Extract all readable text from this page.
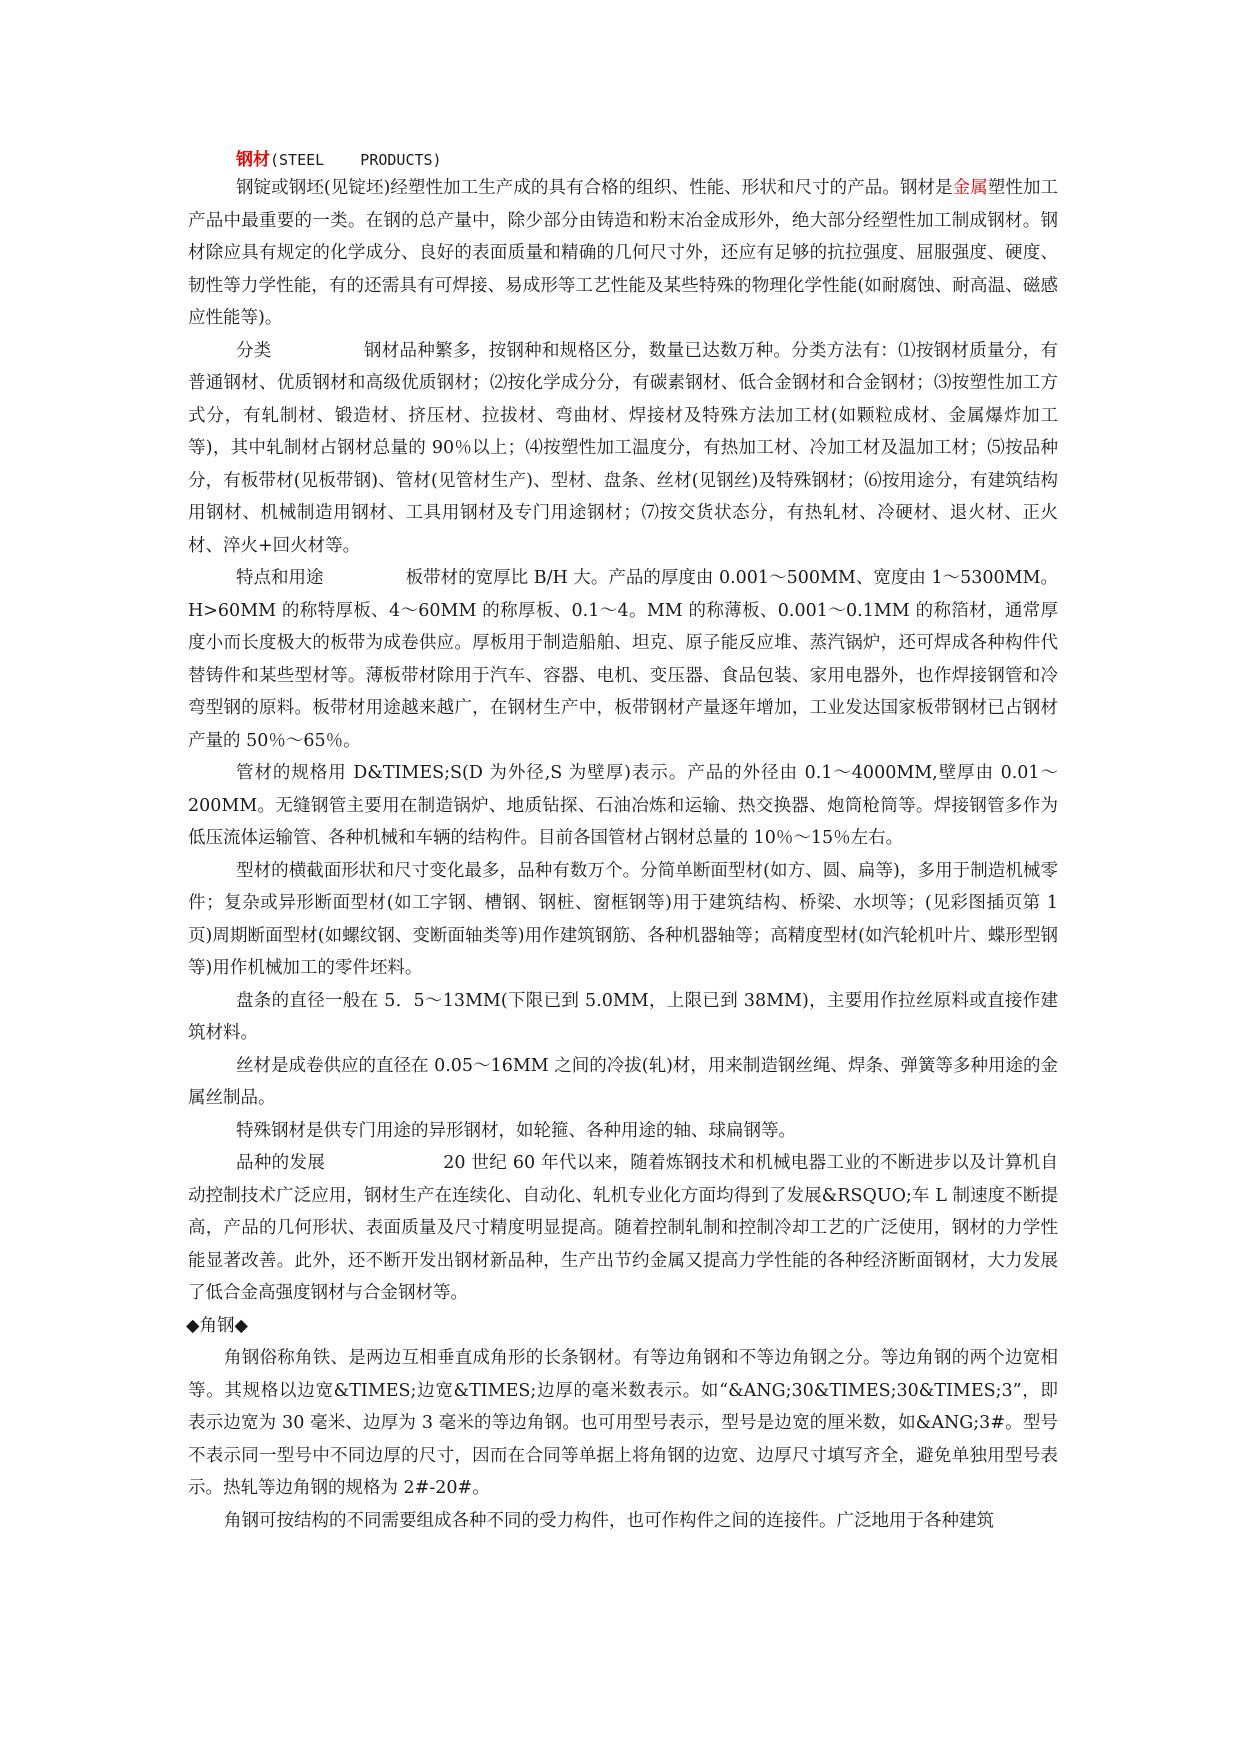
钢材(STEEL    PRODUCTS)

钢锭或钢坯(见锭坯)经塑性加工生产成的具有合格的组织、性能、形状和尺寸的产品。钢材是金属塑性加工产品中最重要的一类。在钢的总产量中，除少部分由铸造和粉末冶金成形外，绝大部分经塑性加工制成钢材。钢材除应具有规定的化学成分、良好的表面质量和精确的几何尺寸外，还应有足够的抗拉强度、屈服强度、硬度、韧性等力学性能，有的还需具有可焊接、易成形等工艺性能及某些特殊的物理化学性能(如耐腐蚀、耐高温、磁感应性能等)。

分类	钢材品种繁多，按钢种和规格区分，数量已达数万种。分类方法有：⑴按钢材质量分，有普通钢材、优质钢材和高级优质钢材；⑵按化学成分分，有碳素钢材、低合金钢材和合金钢材；⑶按塑性加工方式分，有轧制材、锻造材、挤压材、拉拔材、弯曲材、焊接材及特殊方法加工材(如颗粒成材、金属爆炸加工等)，其中轧制材占钢材总量的 90％以上；⑷按塑性加工温度分，有热加工材、冷加工材及温加工材；⑸按品种分，有板带材(见板带钢)、管材(见管材生产)、型材、盘条、丝材(见钢丝)及特殊钢材；⑹按用途分，有建筑结构用钢材、机械制造用钢材、工具用钢材及专门用途钢材；⑺按交货状态分，有热轧材、冷硬材、退火材、正火材、淬火+回火材等。

特点和用途	板带材的宽厚比 B/H 大。产品的厚度由 0.001～500MM、宽度由 1～5300MM。H>60MM 的称特厚板、4～60MM 的称厚板、0.1～4。MM 的称薄板、0.001～0.1MM 的称箔材，通常厚度小而长度极大的板带为成卷供应。厚板用于制造船舶、坦克、原子能反应堆、蒸汽锅炉，还可焊成各种构件代替铸件和某些型材等。薄板带材除用于汽车、容器、电机、变压器、食品包装、家用电器外，也作焊接钢管和冷弯型钢的原料。板带材用途越来越广，在钢材生产中，板带钢材产量逐年增加，工业发达国家板带钢材已占钢材产量的 50％～65％。

管材的规格用 D&TIMES;S(D 为外径,S 为壁厚)表示。产品的外径由 0.1～4000MM,壁厚由 0.01～200MM。无缝钢管主要用在制造锅炉、地质钻探、石油冶炼和运输、热交换器、炮筒枪筒等。焊接钢管多作为低压流体运输管、各种机械和车辆的结构件。目前各国管材占钢材总量的 10％～15％左右。

型材的横截面形状和尺寸变化最多，品种有数万个。分简单断面型材(如方、圆、扁等)，多用于制造机械零件；复杂或异形断面型材(如工字钢、槽钢、钢桩、窗框钢等)用于建筑结构、桥梁、水坝等；(见彩图插页第 1 页)周期断面型材(如螺纹钢、变断面轴类等)用作建筑钢筋、各种机器轴等；高精度型材(如汽轮机叶片、蝶形型钢等)用作机械加工的零件坯料。

盘条的直径一般在 5．5～13MM(下限已到 5.0MM，上限已到 38MM)，主要用作拉丝原料或直接作建筑材料。

丝材是成卷供应的直径在 0.05～16MM 之间的冷拔(轧)材，用来制造钢丝绳、焊条、弹簧等多种用途的金属丝制品。

特殊钢材是供专门用途的异形钢材，如轮箍、各种用途的轴、球扁钢等。

品种的发展	20 世纪 60 年代以来，随着炼钢技术和机械电器工业的不断进步以及计算机自动控制技术广泛应用，钢材生产在连续化、自动化、轧机专业化方面均得到了发展&RSQUO;车 L 制速度不断提高，产品的几何形状、表面质量及尺寸精度明显提高。随着控制轧制和控制冷却工艺的广泛使用，钢材的力学性能显著改善。此外，还不断开发出钢材新品种，生产出节约金属又提高力学性能的各种经济断面钢材，大力发展了低合金高强度钢材与合金钢材等。

◆角钢◆

角钢俗称角铁、是两边互相垂直成角形的长条钢材。有等边角钢和不等边角钢之分。等边角钢的两个边宽相等。其规格以边宽&TIMES;边宽&TIMES;边厚的毫米数表示。如“&ANG;30&TIMES;30&TIMES;3”，即表示边宽为 30 毫米、边厚为 3 毫米的等边角钢。也可用型号表示，型号是边宽的厘米数，如&ANG;3#。型号不表示同一型号中不同边厚的尺寸，因而在合同等单据上将角钢的边宽、边厚尺寸填写齐全，避免单独用型号表示。热轧等边角钢的规格为 2#-20#。

角钢可按结构的不同需要组成各种不同的受力构件，也可作构件之间的连接件。广泛地用于各种建筑
